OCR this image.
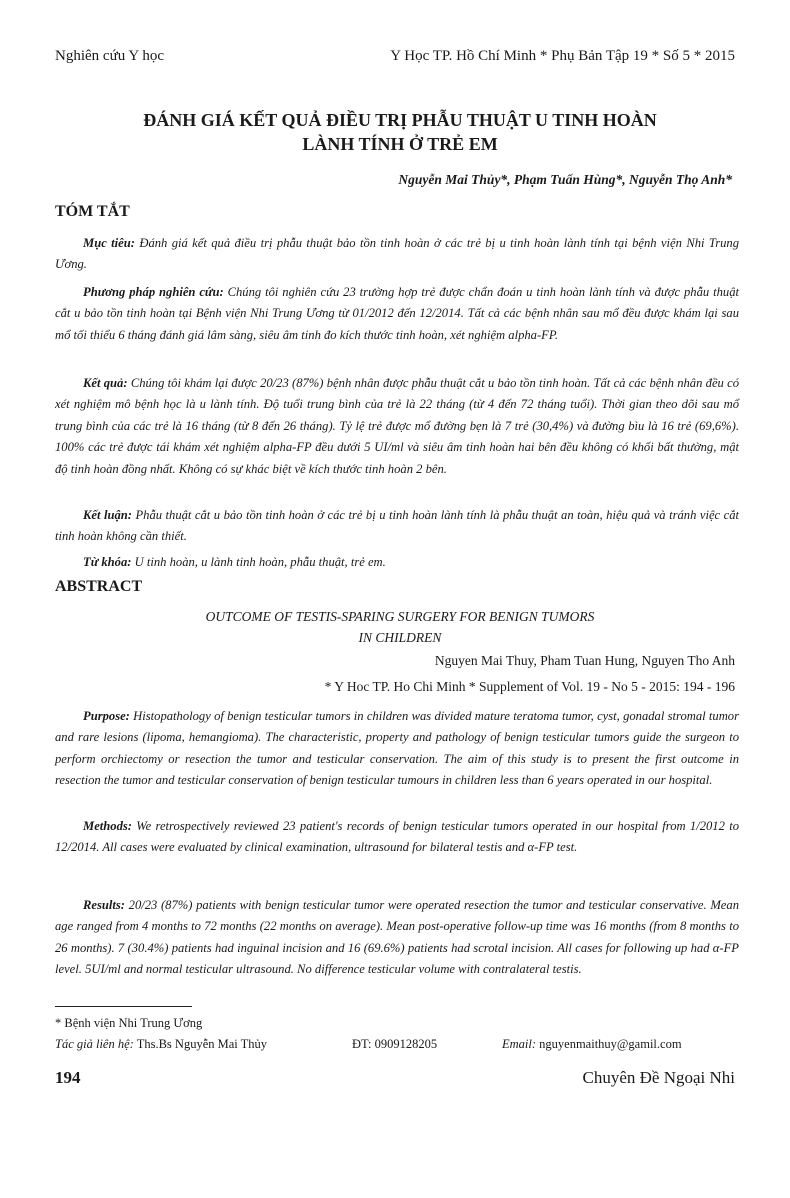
Nghiên cứu Y học	Y Học TP. Hồ Chí Minh * Phụ Bản Tập 19 * Số 5 * 2015
ĐÁNH GIÁ KẾT QUẢ ĐIỀU TRỊ PHẪU THUẬT U TINH HOÀN
LÀNH TÍNH Ở TRẺ EM
Nguyễn Mai Thủy*, Phạm Tuấn Hùng*, Nguyễn Thọ Anh*
TÓM TẮT

Mục tiêu: Đánh giá kết quả điều trị phẫu thuật bảo tồn tinh hoàn ở các trẻ bị u tinh hoàn lành tính tại bệnh viện Nhi Trung Ương.

Phương pháp nghiên cứu: Chúng tôi nghiên cứu 23 trường hợp trẻ được chẩn đoán u tinh hoàn lành tính và được phẫu thuật cắt u bảo tồn tinh hoàn tại Bệnh viện Nhi Trung Ương từ 01/2012 đến 12/2014. Tất cả các bệnh nhân sau mổ đều được khám lại sau mổ tối thiểu 6 tháng đánh giá lâm sàng, siêu âm tinh đo kích thước tinh hoàn, xét nghiệm alpha-FP.

Kết quả: Chúng tôi khám lại được 20/23 (87%) bệnh nhân được phẫu thuật cắt u bảo tồn tinh hoàn. Tất cả các bệnh nhân đều có xét nghiệm mô bệnh học là u lành tính. Độ tuổi trung bình của trẻ là 22 tháng (từ 4 đến 72 tháng tuổi). Thời gian theo dõi sau mổ trung bình của các trẻ là 16 tháng (từ 8 đến 26 tháng). Tỷ lệ trẻ được mổ đường bẹn là 7 trẻ (30,4%) và đường bìu là 16 trẻ (69,6%). 100% các trẻ được tái khám xét nghiệm alpha-FP đều dưới 5 UI/ml và siêu âm tinh hoàn hai bên đều không có khối bất thường, mật độ tinh hoàn đồng nhất. Không có sự khác biệt về kích thước tinh hoàn 2 bên.

Kết luận: Phẫu thuật cắt u bảo tồn tinh hoàn ở các trẻ bị u tinh hoàn lành tính là phẫu thuật an toàn, hiệu quả và tránh việc cắt tinh hoàn không cần thiết.

Từ khóa: U tinh hoàn, u lành tinh hoàn, phẫu thuật, trẻ em.

ABSTRACT
OUTCOME OF TESTIS-SPARING SURGERY FOR BENIGN TUMORS
IN CHILDREN
Nguyen Mai Thuy, Pham Tuan Hung, Nguyen Tho Anh
* Y Hoc TP. Ho Chi Minh * Supplement of Vol. 19 - No 5 - 2015: 194 - 196

Purpose: Histopathology of benign testicular tumors in children was divided mature teratoma tumor, cyst, gonadal stromal tumor and rare lesions (lipoma, hemangioma). The characteristic, property and pathology of benign testicular tumors guide the surgeon to perform orchiectomy or resection the tumor and testicular conservation. The aim of this study is to present the first outcome in resection the tumor and testicular conservation of benign testicular tumours in children less than 6 years operated in our hospital.

Methods: We retrospectively reviewed 23 patient's records of benign testicular tumors operated in our hospital from 1/2012 to 12/2014. All cases were evaluated by clinical examination, ultrasound for bilateral testis and α-FP test.

Results: 20/23 (87%) patients with benign testicular tumor were operated resection the tumor and testicular conservative. Mean age ranged from 4 months to 72 months (22 months on average). Mean post-operative follow-up time was 16 months (from 8 months to 26 months). 7 (30.4%) patients had inguinal incision and 16 (69.6%) patients had scrotal incision. All cases for following up had α-FP level. 5UI/ml and normal testicular ultrasound. No difference testicular volume with contralateral testis.

* Bệnh viện Nhi Trung Ương
Tác giả liên hệ: Ths.Bs Nguyễn Mai Thủy	ĐT: 0909128205	Email: nguyenmaithuy@gamil.com
194	Chuyên Đề Ngoại Nhi
